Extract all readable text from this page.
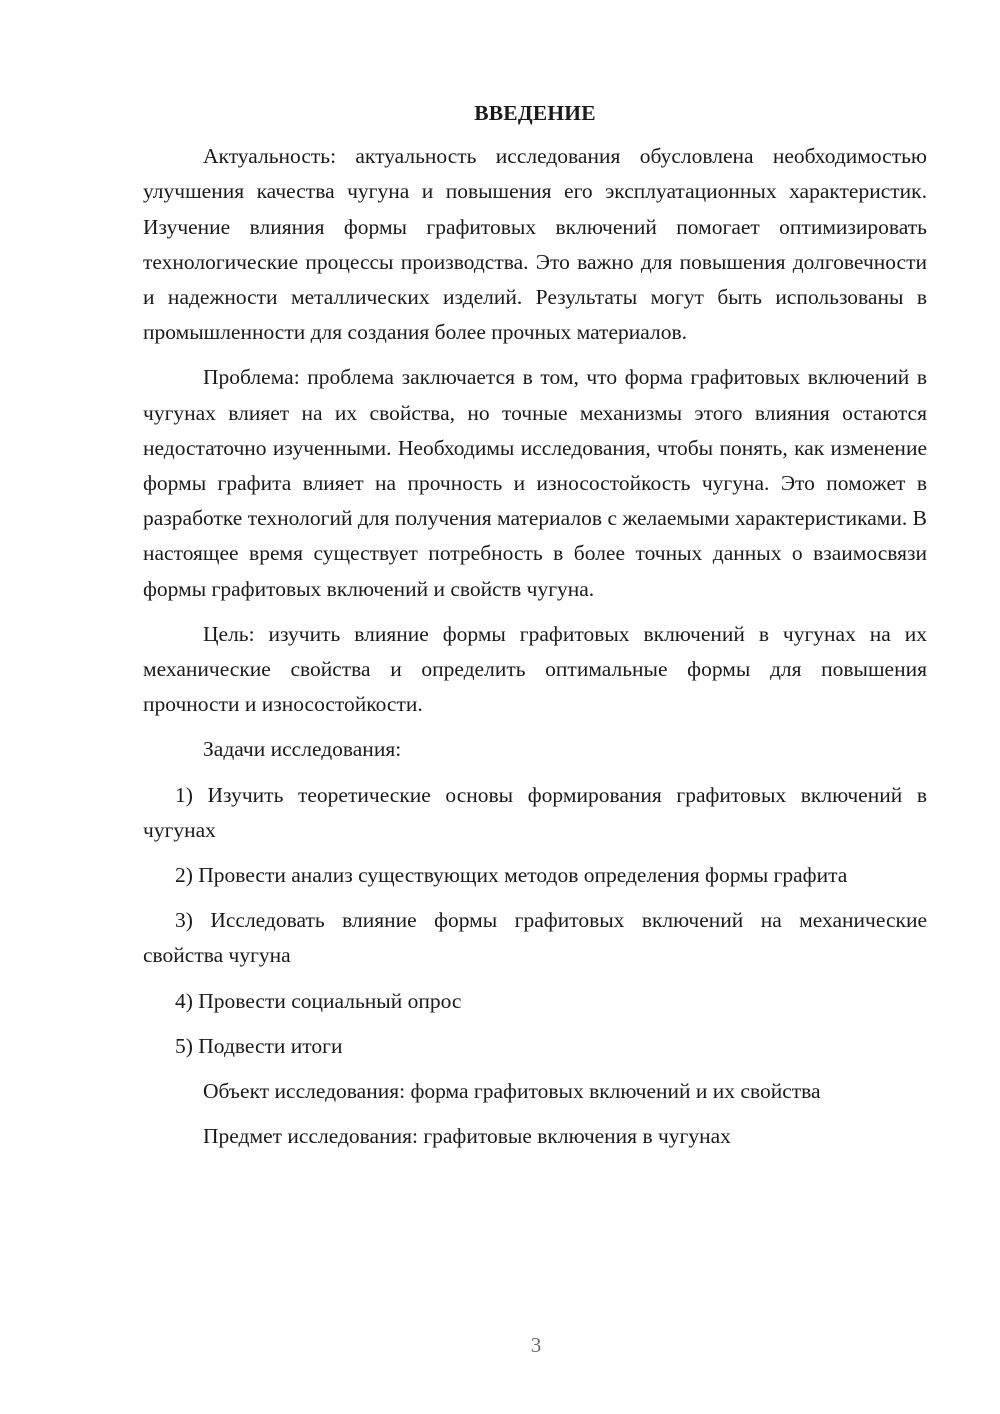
ВВЕДЕНИЕ

Актуальность: актуальность исследования обусловлена необходимостью улучшения качества чугуна и повышения его эксплуатационных характеристик. Изучение влияния формы графитовых включений помогает оптимизировать технологические процессы производства. Это важно для повышения долговечности и надежности металлических изделий. Результаты могут быть использованы в промышленности для создания более прочных материалов.

Проблема: проблема заключается в том, что форма графитовых включений в чугунах влияет на их свойства, но точные механизмы этого влияния остаются недостаточно изученными. Необходимы исследования, чтобы понять, как изменение формы графита влияет на прочность и износостойкость чугуна. Это поможет в разработке технологий для получения материалов с желаемыми характеристиками. В настоящее время существует потребность в более точных данных о взаимосвязи формы графитовых включений и свойств чугуна.

Цель: изучить влияние формы графитовых включений в чугунах на их механические свойства и определить оптимальные формы для повышения прочности и износостойкости.

Задачи исследования:

1) Изучить теоретические основы формирования графитовых включений в чугунах

2) Провести анализ существующих методов определения формы графита

3) Исследовать влияние формы графитовых включений на механические свойства чугуна

4) Провести социальный опрос

5) Подвести итоги

Объект исследования: форма графитовых включений и их свойства

Предмет исследования: графитовые включения в чугунах

3
